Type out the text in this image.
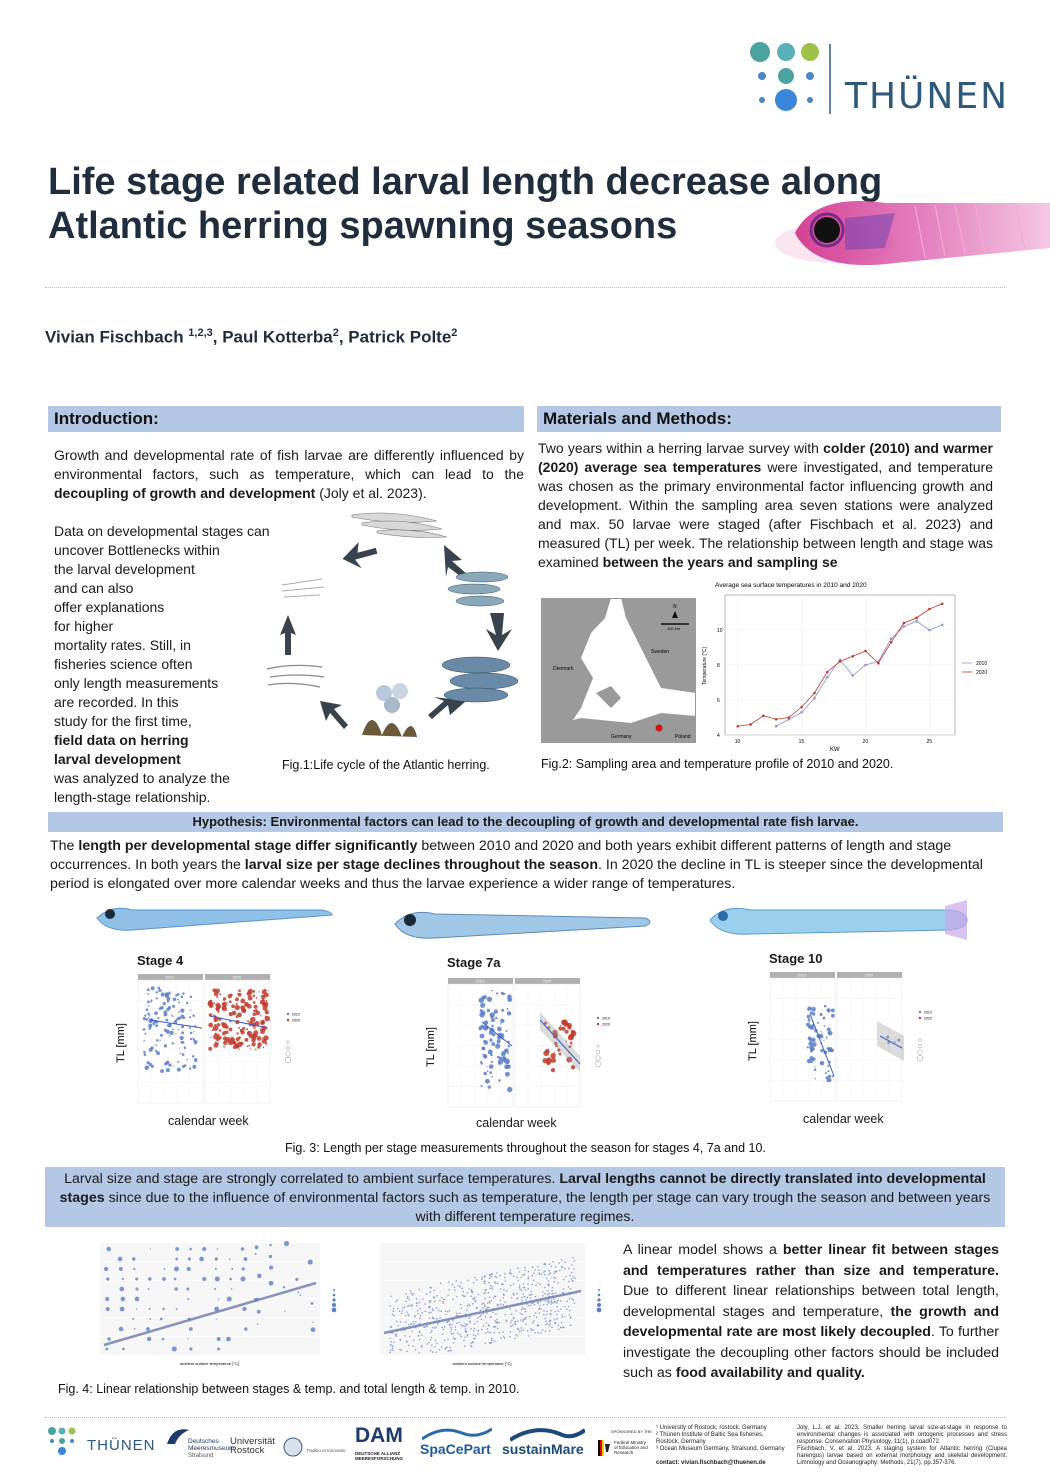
THÜNEN
Life stage related larval length decrease along
Atlantic herring spawning seasons
Vivian Fischbach $^{1,2,3}$, Paul Kotterba$^2$, Patrick Polte$^2$
Introduction:
Growth and developmental rate of fish larvae are differently influenced by environmental factors, such as temperature, which can lead to the decoupling of growth and development (Joly et al. 2023).
Data on developmental stages can
uncover Bottlenecks within
the larval development
and can also
offer explanations
for higher
mortality rates. Still, in
fisheries science often
only length measurements
are recorded. In this
study for the first time,
field data on herring
larval development
was analyzed to analyze the
length-stage relationship.
Fig.1:Life cycle of the Atlantic herring.
Materials and Methods:
Two years within a herring larvae survey with colder (2010) and warmer (2020) average sea temperatures were investigated, and temperature was chosen as the primary environmental factor influencing growth and development. Within the sampling area seven stations were analyzed and max. 50 larvae were staged (after Fischbach et al. 2023) and measured (TL) per week. The relationship between length and stage was examined between the years and sampling se
Denmark
Sweden
Germany	Poland
N
100 km
Average sea surface temperatures in 2010 and 2020
10	15	20	25
4
6
8
10
KW
Temperature [°C]	2010
2020
Fig.2: Sampling area and temperature profile of 2010 and 2020.
Hypothesis: Environmental factors can lead to the decoupling of growth and developmental rate fish larvae.
The length per developmental stage differ significantly between 2010 and 2020 and both years exhibit different patterns of length and stage occurrences. In both years the larval size per stage declines throughout the season. In 2020 the decline in TL is steeper since the developmental period is elongated over more calendar weeks and thus the larvae experience a wider range of temperatures.
Stage 4	Stage 7a	Stage 10
2010	2020
TL [mm]
2010
2020
2010	2020
TL [mm]
2010
2020
2010	2020
TL [mm]
2010
2020
calendar week	calendar week	calendar week
Fig. 3: Length per stage measurements throughout the season for stages 4, 7a and 10.
Larval size and stage are strongly correlated to ambient surface temperatures. Larval lengths cannot be directly translated into developmental stages since due to the influence of environmental factors such as temperature, the length per stage can vary trough the season and between years with different temperature regimes.
ambient surface temperature [°C]	ambient surface temperature [°C]
Fig. 4: Linear relationship between stages & temp. and total length & temp. in 2010.
A linear model shows a better linear fit between stages and temperatures rather than size and temperature. Due to different linear relationships between total length, developmental stages and temperature, the growth and developmental rate are most likely decoupled. To further investigate the decoupling other factors should be included such as food availability and quality.
THÜNEN	Deutsches Meeresmuseum
Stralsund
Universität Rostock	Traditio et Innovatio
DAM
DEUTSCHE ALLIANZ MEERESFORSCHUNG
SpaCePart sustainMare
SPONSORED BY THE
Federal Ministry of Education and Research
¹ University of Rostock, rostock, Germany
² Thünen Institute of Baltic Sea fisheries, Rostock, Germany
³ Ocean Museum Germany, Stralsund, Germany
contact: vivian.fischbach@thuenen.de
Joly, L.J. et al. 2023. Smaller herring larval size-at-stage in response to environmental changes is associated with ontogenic processes and stress response. Conservation Physiology, 11(1), p.coad072.
Fischbach, V. et al. 2023. A staging system for Atlantic herring (Clupea harengus) larvae based on external morphology and skeletal development. Limnology and Oceanography: Methods, 21(7), pp.357-376.
